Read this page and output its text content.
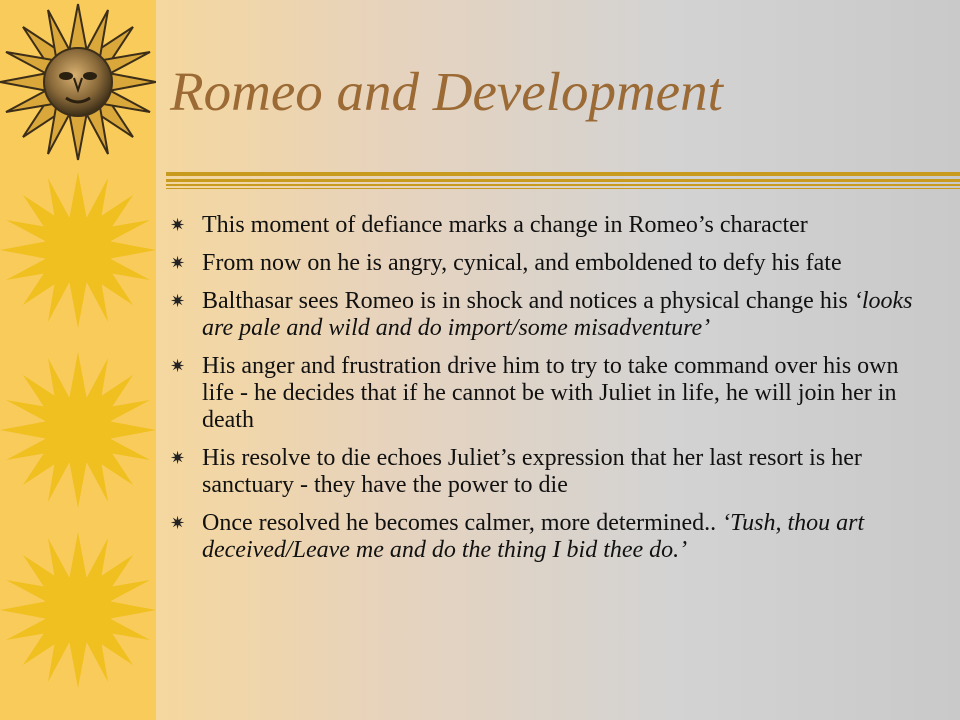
Romeo and Development
✷ This moment of defiance marks a change in Romeo’s character
✷ From now on he is angry, cynical, and emboldened to defy his fate
✷ Balthasar sees Romeo is in shock and notices a physical change his ‘looks are pale and wild and do import/some misadventure’
✷ His anger and frustration drive him to try to take command over his own life - he decides that if he cannot be with Juliet in life, he will join her in death
✷ His resolve to die echoes Juliet’s expression that her last resort is her sanctuary - they have the power to die
✷ Once resolved he becomes calmer, more determined.. ‘Tush, thou art deceived/Leave me and do the thing I bid thee do.’
